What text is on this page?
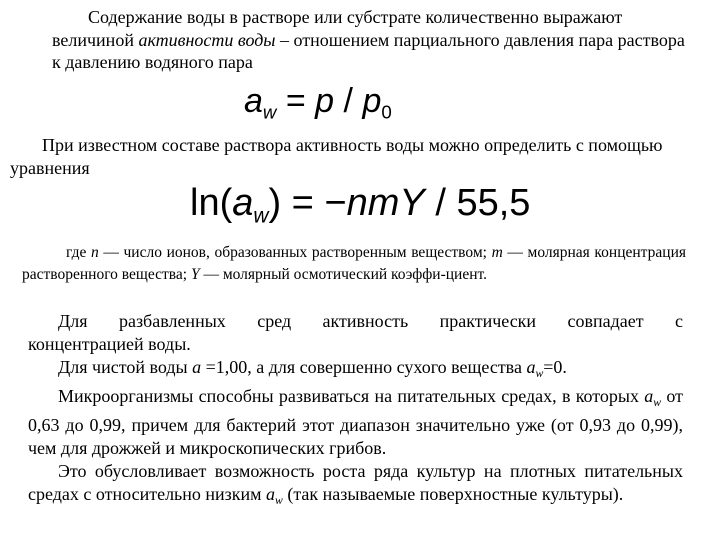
Содержание воды в растворе или субстрате количественно выражают величиной активности воды – отношением парциального давления пара раствора к давлению водяного пара
aw = p / p0
При известном составе раствора активность воды можно определить с помощью уравнения
ln(aw) = −nmY / 55,5
где n — число ионов, образованных растворенным веществом; m — молярная концентрация растворенного вещества; Y — молярный осмотический коэффи-циент.

Для разбавленных сред активность практически совпадает с

концентрацией воды.

Для чистой воды а =1,00, а для совершенно сухого вещества $a_w=0$.

Микроорганизмы способны развиваться на питательных средах, в которых $a_w$ от 0,63 до 0,99, причем для бактерий этот диапазон значительно уже (от 0,93 до 0,99), чем для дрожжей и микроскопических грибов.

Это обусловливает возможность роста ряда культур на плотных питательных средах с относительно низким $a_w$ (так называемые поверхностные культуры).
